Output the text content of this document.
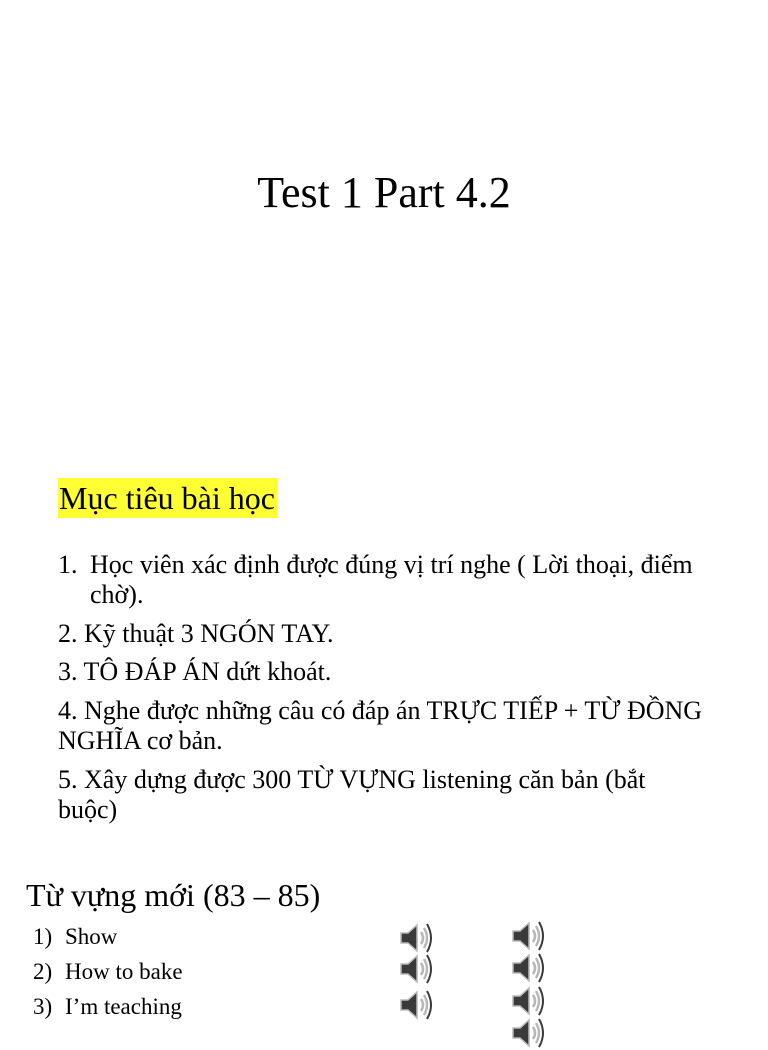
Test 1 Part 4.2
Mục tiêu bài học
1. Học viên xác định được đúng vị trí nghe ( Lời thoại, điểm chờ).
2. Kỹ thuật 3 NGÓN TAY.
3. TÔ ĐÁP ÁN dứt khoát.
4. Nghe được những câu có đáp án TRỰC TIẾP + TỪ ĐỒNG NGHĨA cơ bản.
5. Xây dựng được 300 TỪ VỰNG listening căn bản (bắt buộc)
Từ vựng mới (83 – 85)
1) Show
2) How to bake
3) I’m teaching
